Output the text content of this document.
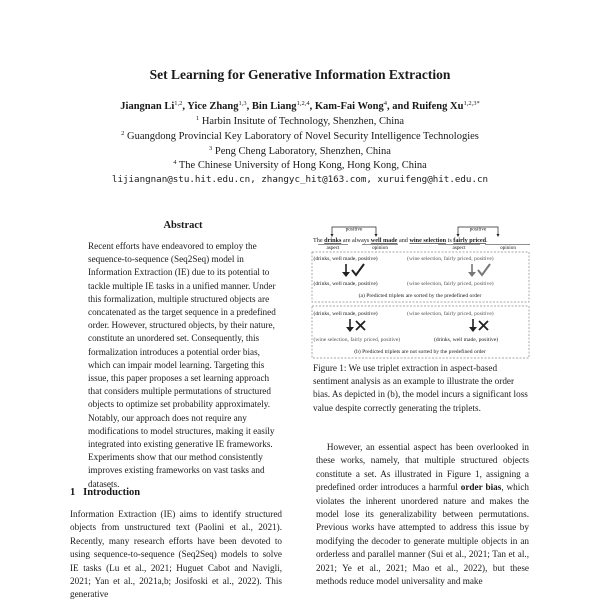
Set Learning for Generative Information Extraction
Jiangnan Li$^{1,2}$, Yice Zhang$^{1,3}$, Bin Liang$^{1,2,4}$, Kam-Fai Wong$^4$, and Ruifeng $Xu^{1,2,3*}$
$^1$ Harbin Insitute of Technology, Shenzhen, China
$^2$ Guangdong Provincial Key Laboratory of Novel Security Intelligence Technologies
$^3$ Peng Cheng Laboratory, Shenzhen, China
$^4$ The Chinese University of Hong Kong, Hong Kong, China
lijiangnan@stu.hit.edu.cn, zhangyc_hit@163.com, xuruifeng@hit.edu.cn
Abstract
Recent efforts have endeavored to employ the sequence-to-sequence (Seq2Seq) model in Information Extraction (IE) due to its potential to tackle multiple IE tasks in a unified manner. Under this formalization, multiple structured objects are concatenated as the target sequence in a predefined order. However, structured objects, by their nature, constitute an unordered set. Consequently, this formalization introduces a potential order bias, which can impair model learning. Targeting this issue, this paper proposes a set learning approach that considers multiple permutations of structured objects to optimize set probability approximately. Notably, our approach does not require any modifications to model structures, making it easily integrated into existing generative IE frameworks. Experiments show that our method consistently improves existing frameworks on vast tasks and datasets.
1 Introduction
Information Extraction (IE) aims to identify structured objects from unstructured text (Paolini et al., 2021). Recently, many research efforts have been devoted to using sequence-to-sequence (Seq2Seq) models to solve IE tasks (Lu et al., 2021; Huguet Cabot and Navigli, 2021; Yan et al., 2021a,b; Josifoski et al., 2022). This generative
positive	positive
The drinks are always well made and wine selection is fairly priced.
aspect	opinion	aspect	opinion
(drinks, well made, positive)	(wine selection, fairly priced, positive)
(drinks, well made, positive)	(wine selection, fairly priced, positive)
(a) Predicted triplets are sorted by the predefined order
(drinks, well made, positive)	(wine selection, fairly priced, positive)
(wine selection, fairly priced, positive)	(drinks, well made, positive)
(b) Predicted triplets are not sorted by the predefined order
Figure 1: We use triplet extraction in aspect-based sentiment analysis as an example to illustrate the order bias. As depicted in (b), the model incurs a significant loss value despite correctly generating the triplets.
However, an essential aspect has been overlooked in these works, namely, that multiple structured objects constitute a set. As illustrated in Figure 1, assigning a predefined order introduces a harmful order bias, which violates the inherent unordered nature and makes the model lose its generalizability between permutations. Previous works have attempted to address this issue by modifying the decoder to generate multiple objects in an orderless and parallel manner (Sui et al., 2021; Tan et al., 2021; Ye et al., 2021; Mao et al., 2022), but these methods reduce model universality and make
